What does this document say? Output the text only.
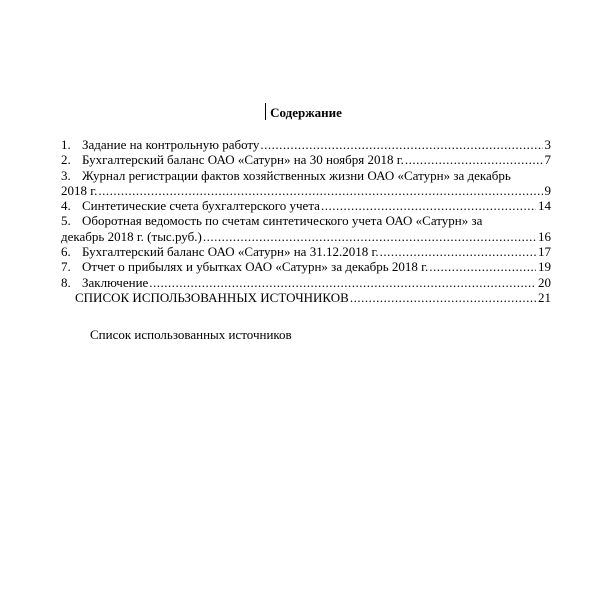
Содержание
1. Задание на контрольную работу .....	3
2. Бухгалтерский баланс ОАО «Сатурн» на 30 ноября 2018 г. .....	7
3. Журнал регистрации фактов хозяйственных жизни ОАО «Сатурн» за декабрь
2018 г. .....	9
4. Синтетические счета бухгалтерского учета .....	14
5. Оборотная ведомость по счетам синтетического учета ОАО «Сатурн» за
декабрь 2018 г. (тыс.руб.) .....	16
6. Бухгалтерский баланс ОАО «Сатурн» на 31.12.2018 г. .....	17
7. Отчет о прибылях и убытках ОАО «Сатурн» за декабрь 2018 г. .....	19
8. Заключение .....	20
СПИСОК ИСПОЛЬЗОВАННЫХ ИСТОЧНИКОВ .....	21
Список использованных источников
